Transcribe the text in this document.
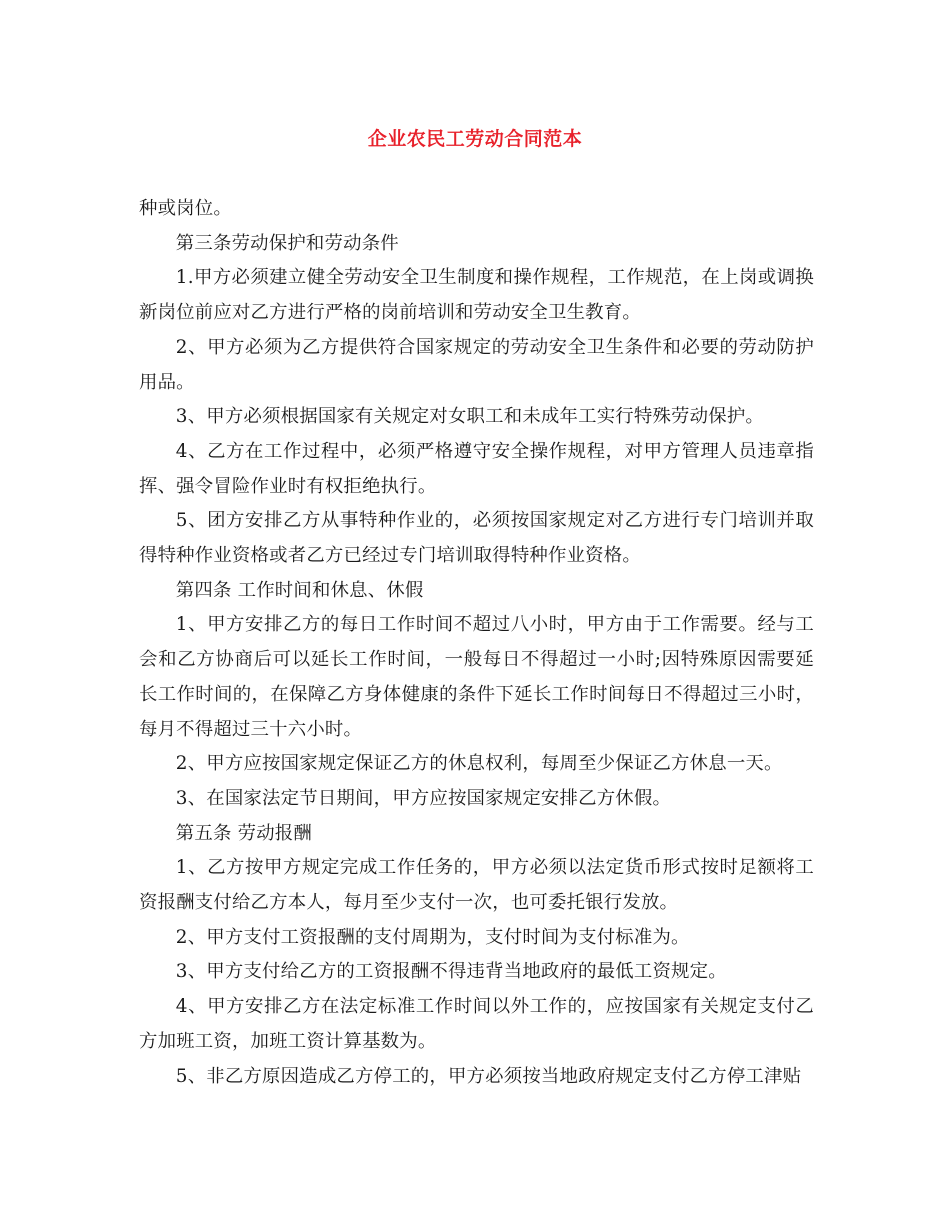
企业农民工劳动合同范本

种或岗位。

第三条劳动保护和劳动条件

1.甲方必须建立健全劳动安全卫生制度和操作规程，工作规范，在上岗或调换新岗位前应对乙方进行严格的岗前培训和劳动安全卫生教育。

2、甲方必须为乙方提供符合国家规定的劳动安全卫生条件和必要的劳动防护用品。

3、甲方必须根据国家有关规定对女职工和未成年工实行特殊劳动保护。

4、乙方在工作过程中，必须严格遵守安全操作规程，对甲方管理人员违章指挥、强令冒险作业时有权拒绝执行。

5、团方安排乙方从事特种作业的，必须按国家规定对乙方进行专门培训并取得特种作业资格或者乙方已经过专门培训取得特种作业资格。

第四条 工作时间和休息、休假

1、甲方安排乙方的每日工作时间不超过八小时，甲方由于工作需要。经与工会和乙方协商后可以延长工作时间，一般每日不得超过一小时;因特殊原因需要延长工作时间的，在保障乙方身体健康的条件下延长工作时间每日不得超过三小时，每月不得超过三十六小时。

2、甲方应按国家规定保证乙方的休息权利，每周至少保证乙方休息一天。

3、在国家法定节日期间，甲方应按国家规定安排乙方休假。

第五条 劳动报酬

1、乙方按甲方规定完成工作任务的，甲方必须以法定货币形式按时足额将工资报酬支付给乙方本人，每月至少支付一次，也可委托银行发放。

2、甲方支付工资报酬的支付周期为，支付时间为支付标准为。

3、甲方支付给乙方的工资报酬不得违背当地政府的最低工资规定。

4、甲方安排乙方在法定标准工作时间以外工作的，应按国家有关规定支付乙方加班工资，加班工资计算基数为。

5、非乙方原因造成乙方停工的，甲方必须按当地政府规定支付乙方停工津贴
